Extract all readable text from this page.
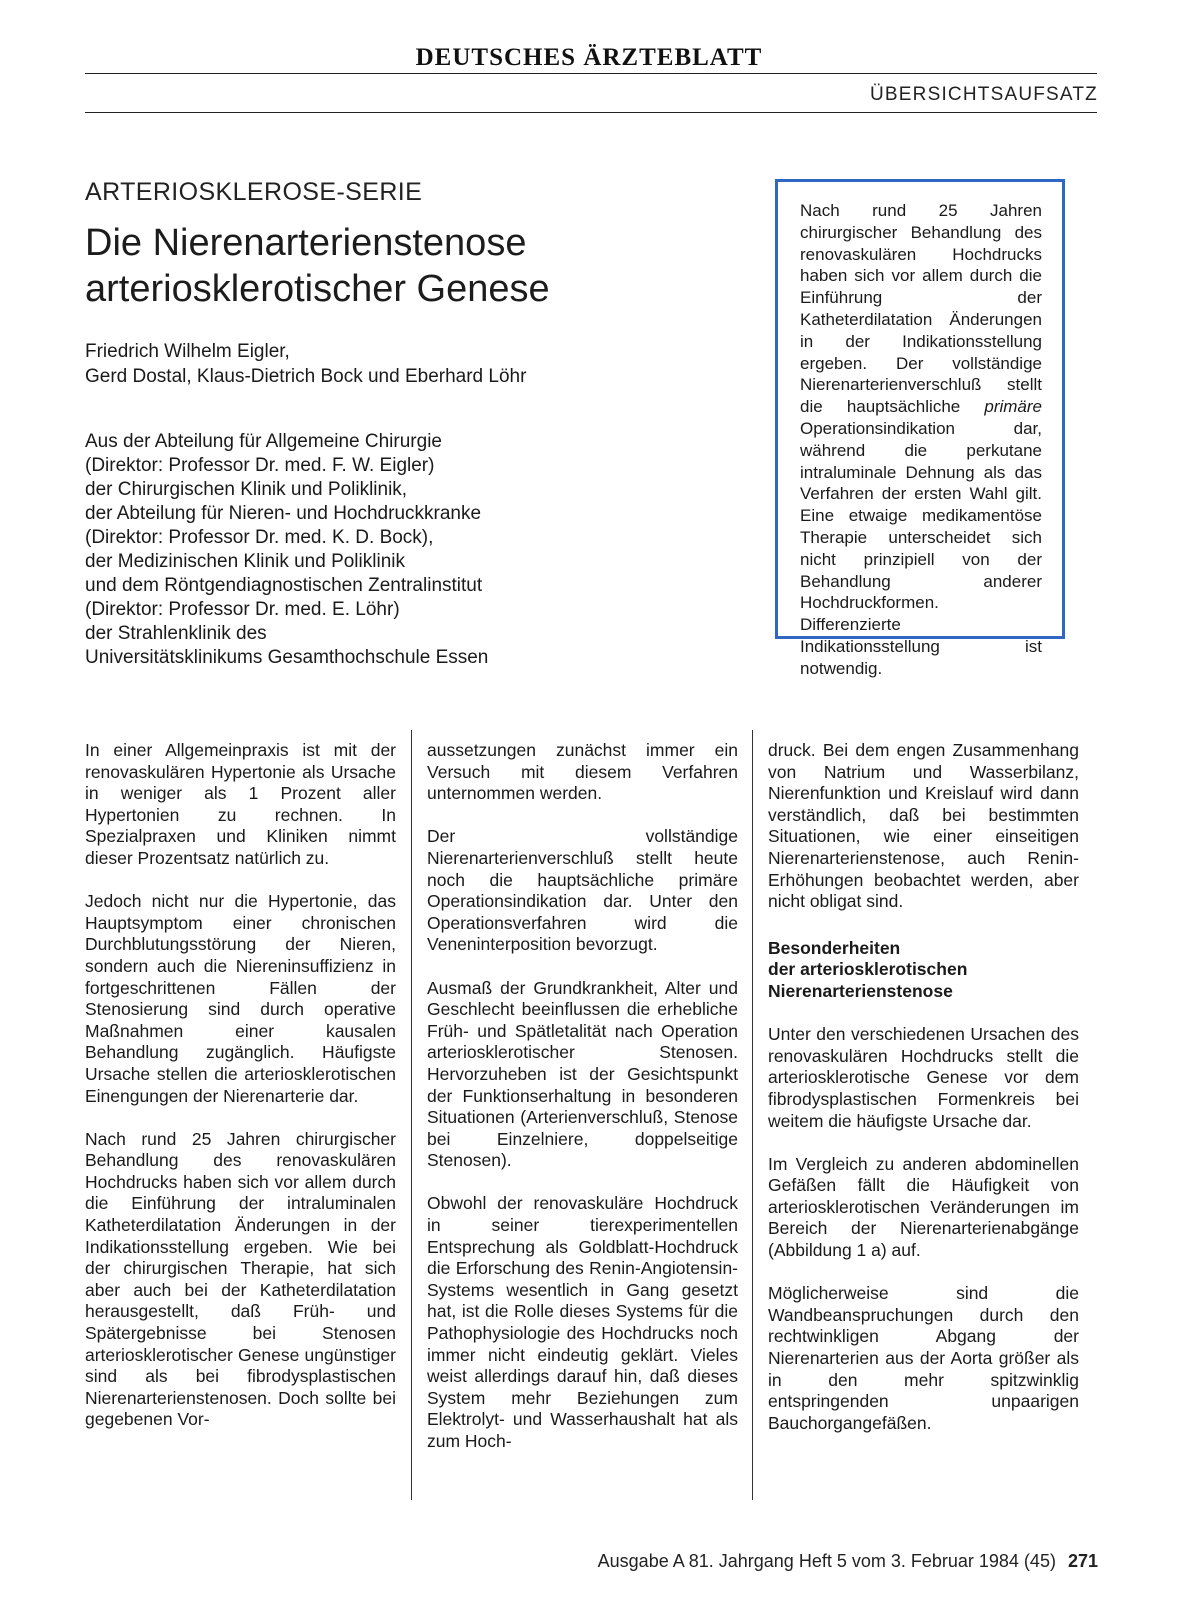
DEUTSCHES ÄRZTEBLATT
ÜBERSICHTSAUFSATZ
ARTERIOSKLEROSE-SERIE
Die Nierenarterienstenose
arteriosklerotischer Genese
Friedrich Wilhelm Eigler,
Gerd Dostal, Klaus-Dietrich Bock und Eberhard Löhr
Aus der Abteilung für Allgemeine Chirurgie
(Direktor: Professor Dr. med. F. W. Eigler)
der Chirurgischen Klinik und Poliklinik,
der Abteilung für Nieren- und Hochdruckkranke
(Direktor: Professor Dr. med. K. D. Bock),
der Medizinischen Klinik und Poliklinik
und dem Röntgendiagnostischen Zentralinstitut
(Direktor: Professor Dr. med. E. Löhr)
der Strahlenklinik des
Universitätsklinikums Gesamthochschule Essen
Nach rund 25 Jahren chirurgischer Behandlung des renovaskulären Hochdrucks haben sich vor allem durch die Einführung der Katheterdilatation Änderungen in der Indikationsstellung ergeben. Der vollständige Nierenarterienverschluß stellt die hauptsächliche primäre Operationsindikation dar, während die perkutane intraluminale Dehnung als das Verfahren der ersten Wahl gilt. Eine etwaige medikamentöse Therapie unterscheidet sich nicht prinzipiell von der Behandlung anderer Hochdruckformen. Differenzierte Indikationsstellung ist notwendig.

In einer Allgemeinpraxis ist mit der renovaskulären Hypertonie als Ursache in weniger als 1 Prozent aller Hypertonien zu rechnen. In Spezialpraxen und Kliniken nimmt dieser Prozentsatz natürlich zu.

Jedoch nicht nur die Hypertonie, das Hauptsymptom einer chronischen Durchblutungsstörung der Nieren, sondern auch die Niereninsuffizienz in fortgeschrittenen Fällen der Stenosierung sind durch operative Maßnahmen einer kausalen Behandlung zugänglich. Häufigste Ursache stellen die arteriosklerotischen Einengungen der Nierenarterie dar.

Nach rund 25 Jahren chirurgischer Behandlung des renovaskulären Hochdrucks haben sich vor allem durch die Einführung der intraluminalen Katheterdilatation Änderungen in der Indikationsstellung ergeben. Wie bei der chirurgischen Therapie, hat sich aber auch bei der Katheterdilatation herausgestellt, daß Früh- und Spätergebnisse bei Stenosen arteriosklerotischer Genese ungünstiger sind als bei fibrodysplastischen Nierenarterienstenosen. Doch sollte bei gegebenen Vor-

aussetzungen zunächst immer ein Versuch mit diesem Verfahren unternommen werden.

Der vollständige Nierenarterienverschluß stellt heute noch die hauptsächliche primäre Operationsindikation dar. Unter den Operationsverfahren wird die Veneninterposition bevorzugt.

Ausmaß der Grundkrankheit, Alter und Geschlecht beeinflussen die erhebliche Früh- und Spätletalität nach Operation arteriosklerotischer Stenosen. Hervorzuheben ist der Gesichtspunkt der Funktionserhaltung in besonderen Situationen (Arterienverschluß, Stenose bei Einzelniere, doppelseitige Stenosen).

Obwohl der renovaskuläre Hochdruck in seiner tierexperimentellen Entsprechung als Goldblatt-Hochdruck die Erforschung des Renin-Angiotensin-Systems wesentlich in Gang gesetzt hat, ist die Rolle dieses Systems für die Pathophysiologie des Hochdrucks noch immer nicht eindeutig geklärt. Vieles weist allerdings darauf hin, daß dieses System mehr Beziehungen zum Elektrolyt- und Wasserhaushalt hat als zum Hoch-

druck. Bei dem engen Zusammenhang von Natrium und Wasserbilanz, Nierenfunktion und Kreislauf wird dann verständlich, daß bei bestimmten Situationen, wie einer einseitigen Nierenarterienstenose, auch Renin-Erhöhungen beobachtet werden, aber nicht obligat sind.

Besonderheiten
der arteriosklerotischen
Nierenarterienstenose

Unter den verschiedenen Ursachen des renovaskulären Hochdrucks stellt die arteriosklerotische Genese vor dem fibrodysplastischen Formenkreis bei weitem die häufigste Ursache dar.

Im Vergleich zu anderen abdominellen Gefäßen fällt die Häufigkeit von arteriosklerotischen Veränderungen im Bereich der Nierenarterienabgänge (Abbildung 1 a) auf.

Möglicherweise sind die Wandbeanspruchungen durch den rechtwinkligen Abgang der Nierenarterien aus der Aorta größer als in den mehr spitzwinklig entspringenden unpaarigen Bauchorgangefäßen.

Ausgabe A 81. Jahrgang Heft 5 vom 3. Februar 1984 (45) 271
